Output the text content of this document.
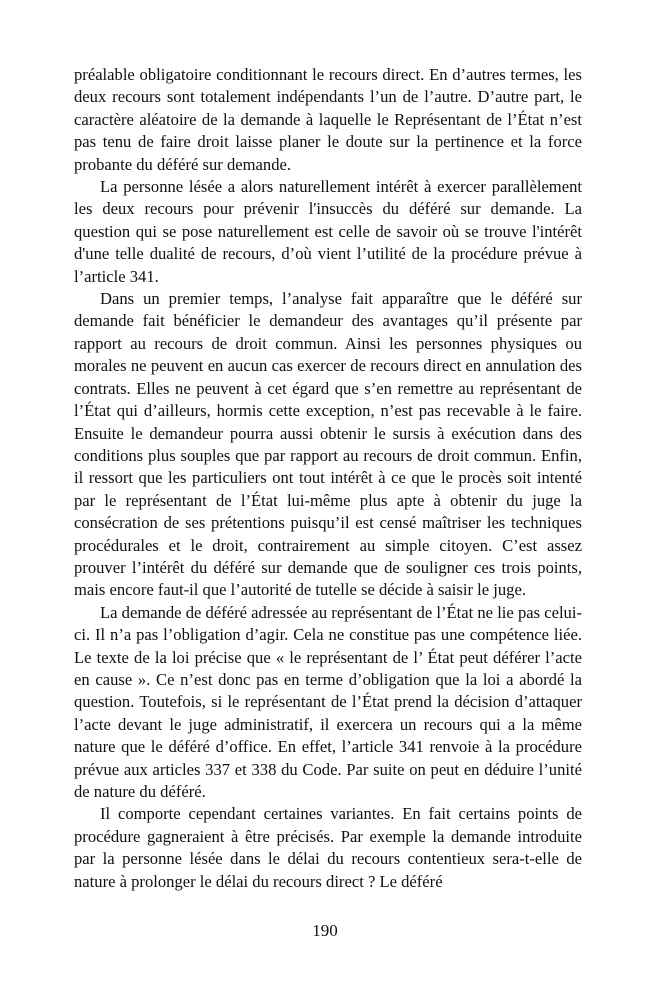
préalable obligatoire conditionnant le recours direct. En d’autres termes, les deux recours sont totalement indépendants l’un de l’autre. D’autre part, le caractère aléatoire de la demande à laquelle le Représentant de l’État n’est pas tenu de faire droit laisse planer le doute sur la pertinence et la force probante du déféré sur demande.

La personne lésée a alors naturellement intérêt à exercer parallèlement les deux recours pour prévenir l'insuccès du déféré sur demande. La question qui se pose naturellement est celle de savoir où se trouve l'intérêt d'une telle dualité de recours, d’où vient l’utilité de la procédure prévue à l’article 341.

Dans un premier temps, l’analyse fait apparaître que le déféré sur demande fait bénéficier le demandeur des avantages qu’il présente par rapport au recours de droit commun. Ainsi les personnes physiques ou morales ne peuvent en aucun cas exercer de recours direct en annulation des contrats. Elles ne peuvent à cet égard que s’en remettre au représentant de l’État qui d’ailleurs, hormis cette exception, n’est pas recevable à le faire. Ensuite le demandeur pourra aussi obtenir le sursis à exécution dans des conditions plus souples que par rapport au recours de droit commun. Enfin, il ressort que les particuliers ont tout intérêt à ce que le procès soit intenté par le représentant de l’État lui-même plus apte à obtenir du juge la consécration de ses prétentions puisqu’il est censé maîtriser les techniques procédurales et le droit, contrairement au simple citoyen. C’est assez prouver l’intérêt du déféré sur demande que de souligner ces trois points, mais encore faut-il que l’autorité de tutelle se décide à saisir le juge.

La demande de déféré adressée au représentant de l’État ne lie pas celui-ci. Il n’a pas l’obligation d’agir. Cela ne constitue pas une compétence liée. Le texte de la loi précise que « le représentant de l’ État peut déférer l’acte en cause ». Ce n’est donc pas en terme d’obligation que la loi a abordé la question. Toutefois, si le représentant de l’État prend la décision d’attaquer l’acte devant le juge administratif, il exercera un recours qui a la même nature que le déféré d’office. En effet, l’article 341 renvoie à la procédure prévue aux articles 337 et 338 du Code. Par suite on peut en déduire l’unité de nature du déféré.

Il comporte cependant certaines variantes. En fait certains points de procédure gagneraient à être précisés. Par exemple la demande introduite par la personne lésée dans le délai du recours contentieux sera-t-elle de nature à prolonger le délai du recours direct ? Le déféré

190
